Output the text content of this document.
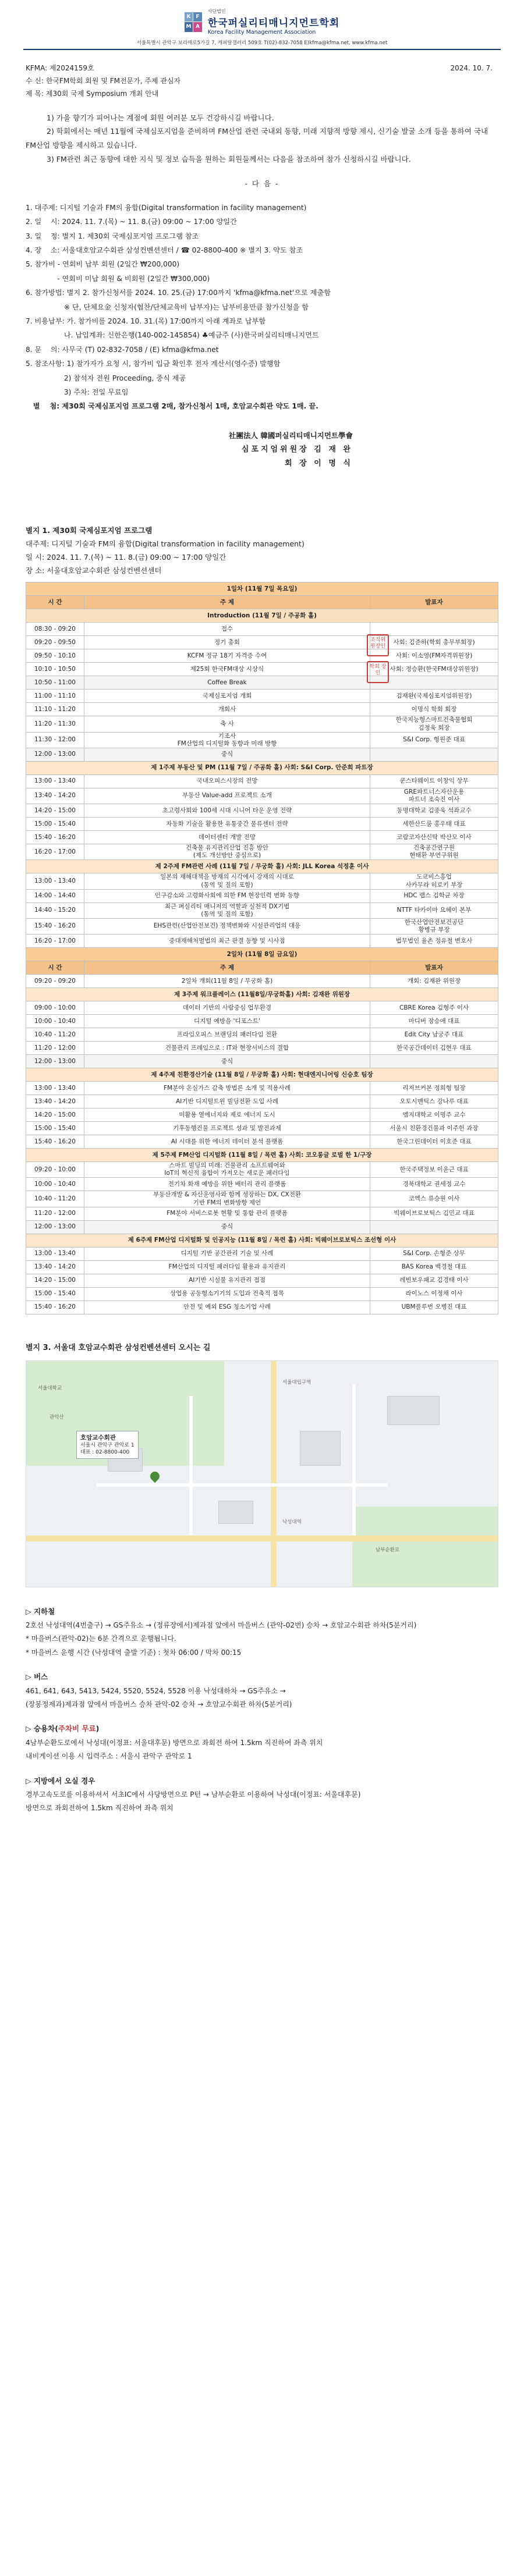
K F
M A
사단법인
한국퍼실리티매니지먼트학회
Korea Facility Management Association
서울특별시 관악구 보라매로5가길 7, 캐피탈갤러리 509호 T(02)-832-7058 E)kfma@kfma.net, www.kfma.net
KFMA: 제2024159호	2024. 10. 7.
수 신: 한국FM학회 회원 및 FM전문가, 주제 관심자
제 목: 제30회 국제 Symposium 개최 안내

1) 가을 향기가 피어나는 계절에 회원 여러분 모두 건강하시길 바랍니다.

2) 학회에서는 매년 11월에 국제심포지엄을 준비하며 FM산업 관련 국내외 동향, 미래 지향적 방향 제시, 신기술 발굴 소개 등을 통하여 국내 FM산업 방향을 제시하고 있습니다.

3) FM관련 최근 동향에 대한 지식 및 정보 습득을 원하는 회원들께서는 다음을 참조하여 참가 신청하시길 바랍니다.

- 다 음 -
1. 대주제: 디지털 기술과 FM의 융합(Digital transformation in facility management)
2. 일    시: 2024. 11. 7.(목) ~ 11. 8.(금) 09:00 ~ 17:00 양일간
3. 일    정: 별지 1. 제30회 국제심포지엄 프로그램 참조
4. 장    소: 서울대호암교수회관 삼성컨벤션센터 / ☎ 02-8800-400 ※ 별지 3. 약도 참조
5. 참가비 - 연회비 납부 회원 (2일간 ₩200,000)
- 연회비 미납 회원 & 비회원 (2일간 ₩300,000)
6. 참가방법: 별지 2. 참가신청서를 2024. 10. 25.(금) 17:00까지 'kfma@kfma.net'으로 제출함
※ 단, 단체요金 신청자(협찬/단체교육비 납부자)는 납부비용만큼 참가신청을 함
7. 비용납부: 가. 참가비를 2024. 10. 31.(목) 17:00까지 아래 계좌로 납부함
나. 납입계좌: 신한은행(140-002-145854) ♣예금주 (사)한국퍼실리티매니지먼트
8. 문    의: 사무국 (T) 02-832-7058 / (E) kfma@kfma.net
5. 참조사항: 1) 참가자가 요청 시, 참가비 입금 확인후 전자 계산서(영수증) 발행함
2) 참석자 전원 Proceeding, 중식 제공
3) 주차: 전일 무료임
별    첨: 제30회 국제심포지엄 프로그램 2매, 참가신청서 1매, 호암교수회관 약도 1매. 끝.
社團法人 韓國퍼실리티매니지먼트學會
심포지엄위원장 김 재 완
회 장 이 명 식
조직위 원장인
학회 장인
별지 1. 제30회 국제심포지엄 프로그램
대주제: 디지털 기술과 FM의 융합(Digital transformation in facility management)
일 시: 2024. 11. 7.(목) ~ 11. 8.(금) 09:00 ~ 17:00 양일간
장 소: 서울대호암교수회관 삼성컨벤션센터
1일차 (11월 7일 목요일)		
시 간	주 제	발표자
Introduction (11월 7일 / 주공화 홀)		
08:30 - 09:20	접수	
09:20 - 09:50	정기 총회	사회: 김준하(학회 총무부회장)
09:50 - 10:10	KCFM 정규 18기 자격증 수여	사회: 이소영(FM자격위원장)
10:10 - 10:50	제25회 한국FM대상 시상식	사회: 정승환(한국FM대상위원장)
10:50 - 11:00	Coffee Break	
11:00 - 11:10	국제심포지엄 개회	김재완(국제심포지엄위원장)
11:10 - 11:20	개회사	이명식 학회 회장
11:20 - 11:30	축 사	한국지능형스마트건축물협회
김정욱 회장
11:30 - 12:00	기조사
FM산업의 디지털화 동향과 미래 방향	S&I Corp. 형원준 대표
12:00 - 13:00	중식	
제 1주제 부동산 및 PM (11월 7일 / 주공화 홀) 사회: S&I Corp. 안준희 파트장		
13:00 - 13:40	국내오피스시장의 전망	쿤스타웨이트 이창익 상무
13:40 - 14:20	부동산 Value-add 프로젝트 소개	GRE파트너스자산운용
파트너 조숙진 이사
14:20 - 15:00	초고령사회와 100세 시대 시니어 타운 운영 전략	동명대학교 김종욱 석좌교수
15:00 - 15:40	자동화 기술을 활용한 유통중간 물류센터 전략	세한산드룸 홍우태 대표
15:40 - 16:20	데이터센터 개발 전망	코람코자산신탁 박산모 이사
16:20 - 17:00	건축물 유지관리산업 진흥 방안
(제도 개선방안 중심으로)	건축공간연구원
현태환 부연구위원
제 2주제 FM관련 사례 (11월 7일 / 무궁화 홀) 사회: JLL Korea 석정훈 이사		
13:00 - 13:40	일본의 재해대책을 방재의 시각에서 강재의 시대로
(통역 및 질의 포함)	도쿄비스홍업
사카무라 히로키 부장
14:00 - 14:40	인구감소와 고령화사회에 의한 FM 현장인력 변화 동향	HDC 랩스 김학균 차장
14:40 - 15:20	최근 퍼실리티 매니저의 역할과 실천적 DX기법
(통역 및 질의 포함)	NTTF 타카이마 요헤이 본부
15:40 - 16:20	EHS관련(산업안전보건) 정책변화와 시설관리업의 대응	한국산업안전보건공단
황병규 부장
16:20 - 17:00	중대재해처벌법의 최근 판결 동향 및 시사점	법무법인 율촌 정유철 변호사
2일차 (11월 8일 금요일)		
시 간	주 제	발표자
09:20 - 09:20	2일차 개회(11월 8일 / 무궁화 홀)	개회: 김재완 위원장
제 3주제 워크플레이스 (11월8일/무궁화홀) 사회: 김재완 위원장		
09:00 - 10:00	데이터 기반의 사람중심 업무환경	CBRE Korea 김형주 이사
10:00 - 10:40	디지털 예방을 '디포스트'	마디버 장승애 대표
10:40 - 11:20	프라임오피스 브랜딩의 패러다임 전환	Edit City 남궁주 대표
11:20 - 12:00	건물관리 프레임으로 : IT와 현장서비스의 결합	한국공간데이터 김현우 대표
12:00 - 13:00	중식	
제 4주제 친환경산기술 (11월 8일 / 무궁화 홀) 사회: 현대엔지니어링 신승호 팀장		
13:00 - 13:40	FM분야 온실가스 감축 방법론 소개 및 적용사례	리저브커본 정희형 팀장
13:40 - 14:20	AI기반 디지털트윈 빌딩전환 도입 사례	오토시맨틱스 강나루 대표
14:20 - 15:00	미활용 열에너지와 제로 에너지 도시	멤지대학교 이명주 교수
15:00 - 15:40	기후동행건물 프로젝트 성과 및 발전과제	서울시 친환경건물과 이주헌 과장
15:40 - 16:20	AI 시대를 위한 에너지 데이터 분석 플랫폼	한국그린데이터 이호준 대표
제 5주제 FM산업 디지털화 (11월 8일 / 목련 홀) 사회: 코오롱글 로벌 한 1/구장		
09:20 - 10:00	스마트 빌딩의 미래: 건물관리 소프트웨어와
IoT의 혁신적 융합이 가져오는 새로운 패러다임	한국주택정보 이윤근 대표
10:00 - 10:40	전기차 화재 예방을 위한 배터리 관리 플랫폼	경북대학교 권세정 교수
10:40 - 11:20	부동산개발 & 자산운영사와 함께 성장하는 DX, CX전환
기반 FM의 변화방향 제언	코엑스 류승원 이사
11:20 - 12:00	FM분야 서비스로봇 현황 및 통합 관리 플랫폼	빅웨이브로보틱스 김민교 대표
12:00 - 13:00	중식	
제 6주제 FM산업 디지털화 및 인공지능 (11월 8일 / 목련 홀) 사회: 빅웨이브로보틱스 조선형 이사		
13:00 - 13:40	디지털 기반 공간관리 기술 및 사례	S&I Corp. 손형준 상무
13:40 - 14:20	FM산업의 디지털 패러다임 활용과 유지관리	BAS Korea 백경철 대표
14:20 - 15:00	AI기반 시설물 유지관리 접점	레빈보우패교 김경태 이사
15:00 - 15:40	상업용 공동형소기기의 도입과 건축적 접목	라이노스 이정채 이사
15:40 - 16:20	안전 및 예외 ESG 청소기업 사례	UBM플루번 오병진 대표
별지 3. 서울대 호암교수회관 삼성컨벤션센터 오시는 길
호암교수회관
서울시 관악구 관악로 1
대표 : 02-8800-400
서울대학교
관악산
남부순환로
서울대입구역
낙성대역
▷ 지하철
2호선 낙성대역(4번출구) → GS주유소 → (정류장에서)제과점 앞에서 마을버스 (관악-02번) 승차 → 호암교수회관 하차(5분거리)
* 마을버스(관악-02)는 6분 간격으로 운행됩니다.
* 마을버스 운행 시간 (낙성대역 출발 기준) : 첫차 06:00 / 막차 00:15
▷ 버스
461, 641, 643, 5413, 5424, 5520, 5524, 5528 이용 낙성대하차 → GS주유소 →
(장봉정제과)제과점 앞에서 마을버스 승차 관악-02 승차 → 호암교수회관 하차(5분거리)
▷ 승용차(주차비 무료)
4남부순환도로에서 낙성대(이정표: 서울대후문) 방면으로 좌회전 하여 1.5km 직진하여 좌측 위치
내비게이션 이용 시 입력주소 : 서울시 관악구 관악로 1
▷ 지방에서 오실 경우
경부고속도로를 이용하셔서 서초IC에서 사당방면으로 P턴 → 남부순환로 이용하여 낙성대(이정표: 서울대후문)
방면으로 좌회전하여 1.5km 직진하여 좌측 위치
